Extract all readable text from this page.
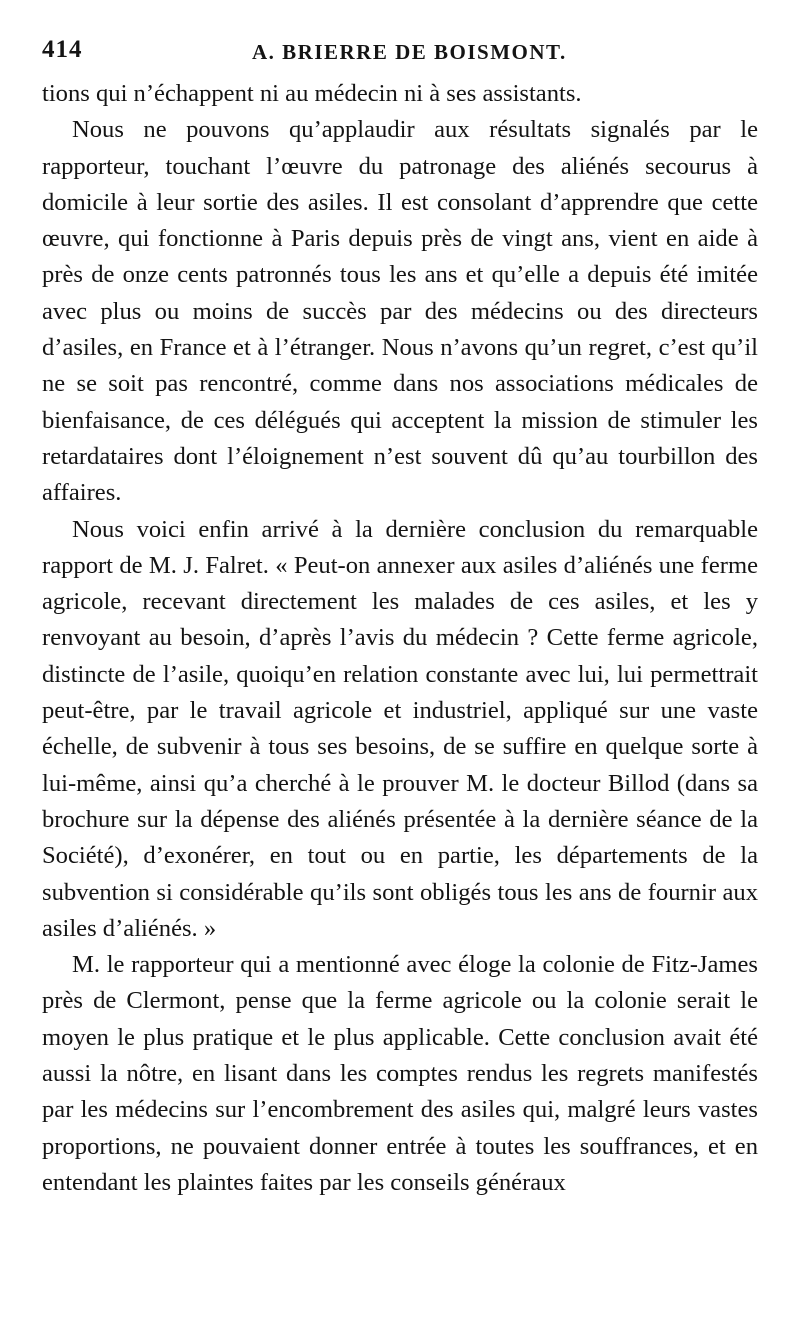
414	A. BRIERRE DE BOISMONT.

tions qui n’échappent ni au médecin ni à ses assistants.

Nous ne pouvons qu’applaudir aux résultats signalés par le rapporteur, touchant l’œuvre du patronage des aliénés secourus à domicile à leur sortie des asiles. Il est consolant d’apprendre que cette œuvre, qui fonctionne à Paris depuis près de vingt ans, vient en aide à près de onze cents patronnés tous les ans et qu’elle a depuis été imitée avec plus ou moins de succès par des médecins ou des directeurs d’asiles, en France et à l’étranger. Nous n’avons qu’un regret, c’est qu’il ne se soit pas rencontré, comme dans nos associations médicales de bienfaisance, de ces délégués qui acceptent la mission de stimuler les retardataires dont l’éloignement n’est souvent dû qu’au tourbillon des affaires.

Nous voici enfin arrivé à la dernière conclusion du remarquable rapport de M. J. Falret. « Peut-on annexer aux asiles d’aliénés une ferme agricole, recevant directement les malades de ces asiles, et les y renvoyant au besoin, d’après l’avis du médecin ? Cette ferme agricole, distincte de l’asile, quoiqu’en relation constante avec lui, lui permettrait peut-être, par le travail agricole et industriel, appliqué sur une vaste échelle, de subvenir à tous ses besoins, de se suffire en quelque sorte à lui-même, ainsi qu’a cherché à le prouver M. le docteur Billod (dans sa brochure sur la dépense des aliénés présentée à la dernière séance de la Société), d’exonérer, en tout ou en partie, les départements de la subvention si considérable qu’ils sont obligés tous les ans de fournir aux asiles d’aliénés. »

M. le rapporteur qui a mentionné avec éloge la colonie de Fitz-James près de Clermont, pense que la ferme agricole ou la colonie serait le moyen le plus pratique et le plus applicable. Cette conclusion avait été aussi la nôtre, en lisant dans les comptes rendus les regrets manifestés par les médecins sur l’encombrement des asiles qui, malgré leurs vastes proportions, ne pouvaient donner entrée à toutes les souffrances, et en entendant les plaintes faites par les conseils généraux
